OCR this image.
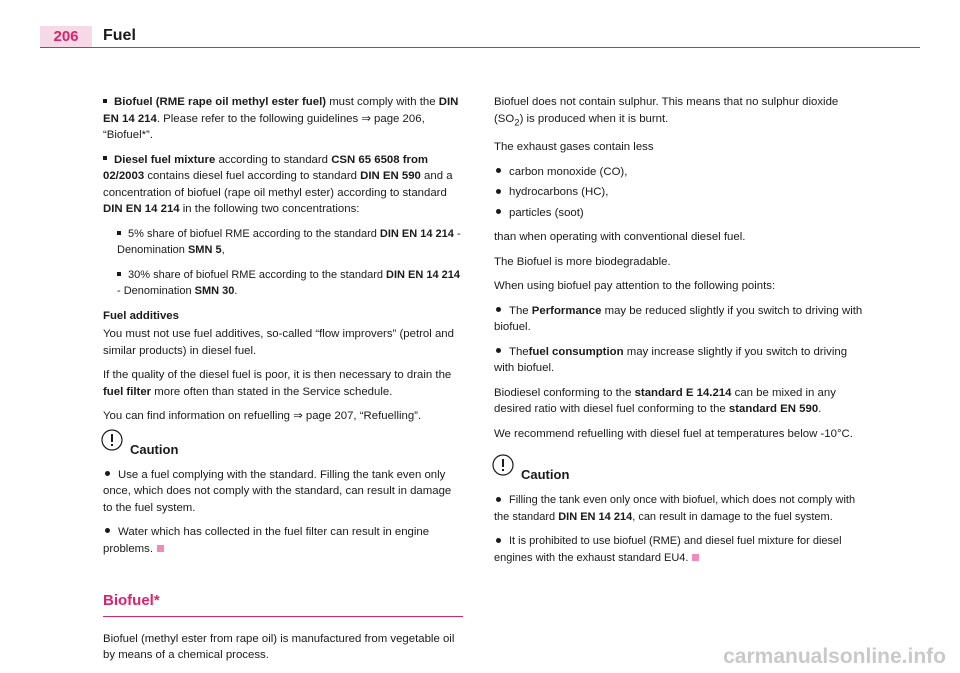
206	Fuel

Biofuel (RME rape oil methyl ester fuel) must comply with the DIN EN 14 214. Please refer to the following guidelines ⇒ page 206, “Biofuel*”.

Diesel fuel mixture according to standard CSN 65 6508 from 02/2003 contains diesel fuel according to standard DIN EN 590 and a concentration of biofuel (rape oil methyl ester) according to standard DIN EN 14 214 in the following two concentrations:

5% share of biofuel RME according to the standard DIN EN 14 214 - Denomination SMN 5,

30% share of biofuel RME according to the standard DIN EN 14 214 - Denomination SMN 30.

Fuel additives

You must not use fuel additives, so-called “flow improvers” (petrol and similar products) in diesel fuel.

If the quality of the diesel fuel is poor, it is then necessary to drain the fuel filter more often than stated in the Service schedule.

You can find information on refuelling ⇒ page 207, “Refuelling”.

Caution

Use a fuel complying with the standard. Filling the tank even only once, which does not comply with the standard, can result in damage to the fuel system.

Water which has collected in the fuel filter can result in engine problems.

Biofuel*

Biofuel (methyl ester from rape oil) is manufactured from vegetable oil by means of a chemical process.

Biofuel does not contain sulphur. This means that no sulphur dioxide $(SO_2)$ is produced when it is burnt.

The exhaust gases contain less

carbon monoxide (CO),

hydrocarbons (HC),

particles (soot)

than when operating with conventional diesel fuel.

The Biofuel is more biodegradable.

When using biofuel pay attention to the following points:

The Performance may be reduced slightly if you switch to driving with biofuel.

Thefuel consumption may increase slightly if you switch to driving with biofuel.

Biodiesel conforming to the standard E 14.214 can be mixed in any desired ratio with diesel fuel conforming to the standard EN 590.

We recommend refuelling with diesel fuel at temperatures below -10°C.

Caution

Filling the tank even only once with biofuel, which does not comply with the standard DIN EN 14 214, can result in damage to the fuel system.

It is prohibited to use biofuel (RME) and diesel fuel mixture for diesel engines with the exhaust standard EU4.

carmanualsonline.info
